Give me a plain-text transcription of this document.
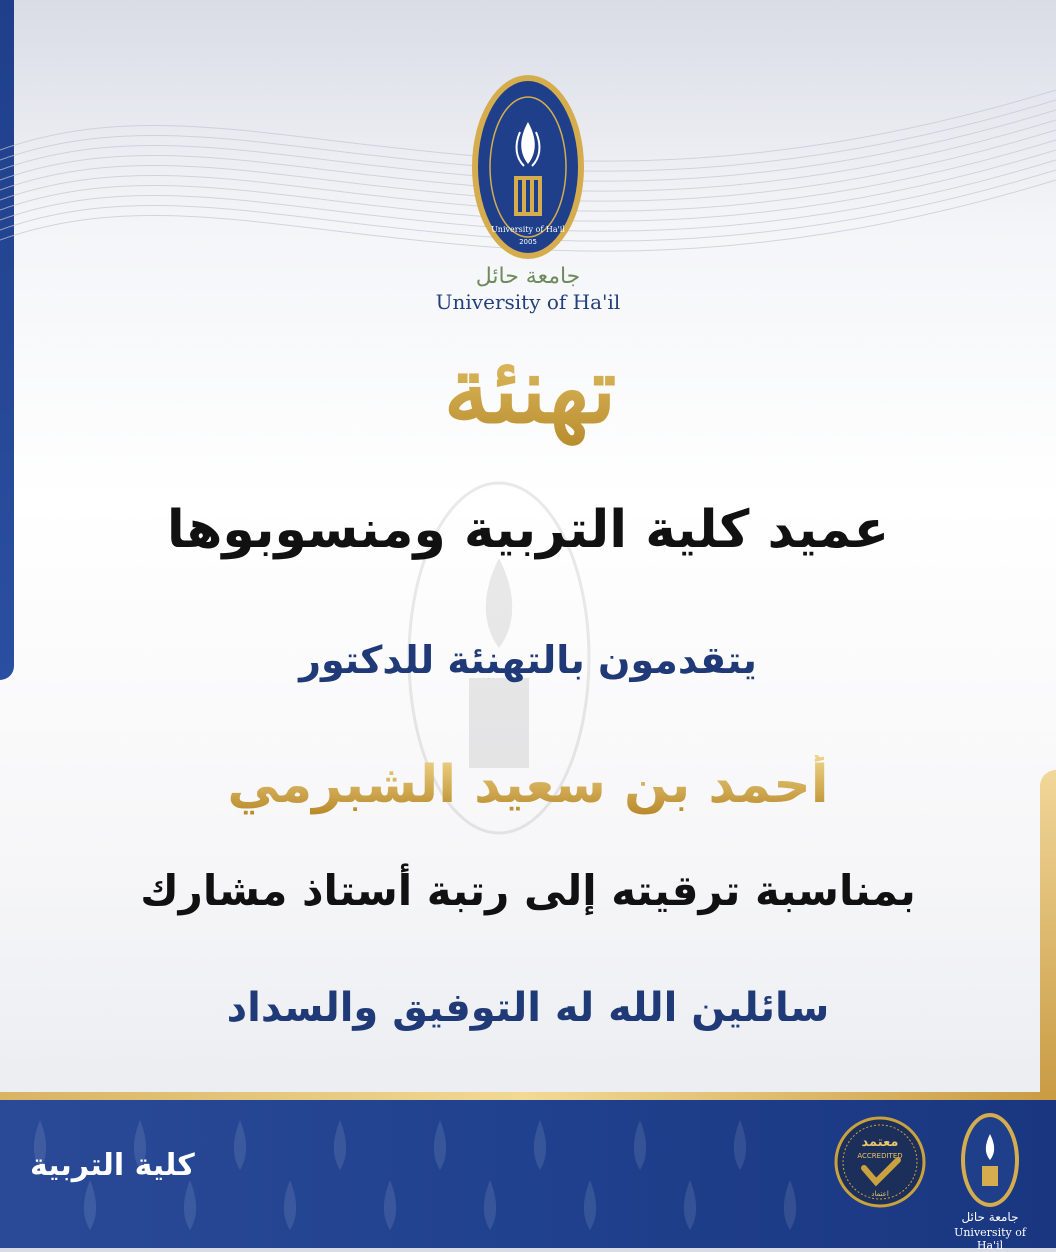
University of Ha'il
2005
جامعة حائل
University of Ha'il
تهنئة
عميد كلية التربية ومنسوبوها
يتقدمون بالتهنئة للدكتور
أحمد بن سعيد الشبرمي
بمناسبة ترقيته إلى رتبة أستاذ مشارك
سائلين الله له التوفيق والسداد
كلية التربية
معتمد
ACCREDITED
اعتماد
جامعة حائل
University of Ha'il
